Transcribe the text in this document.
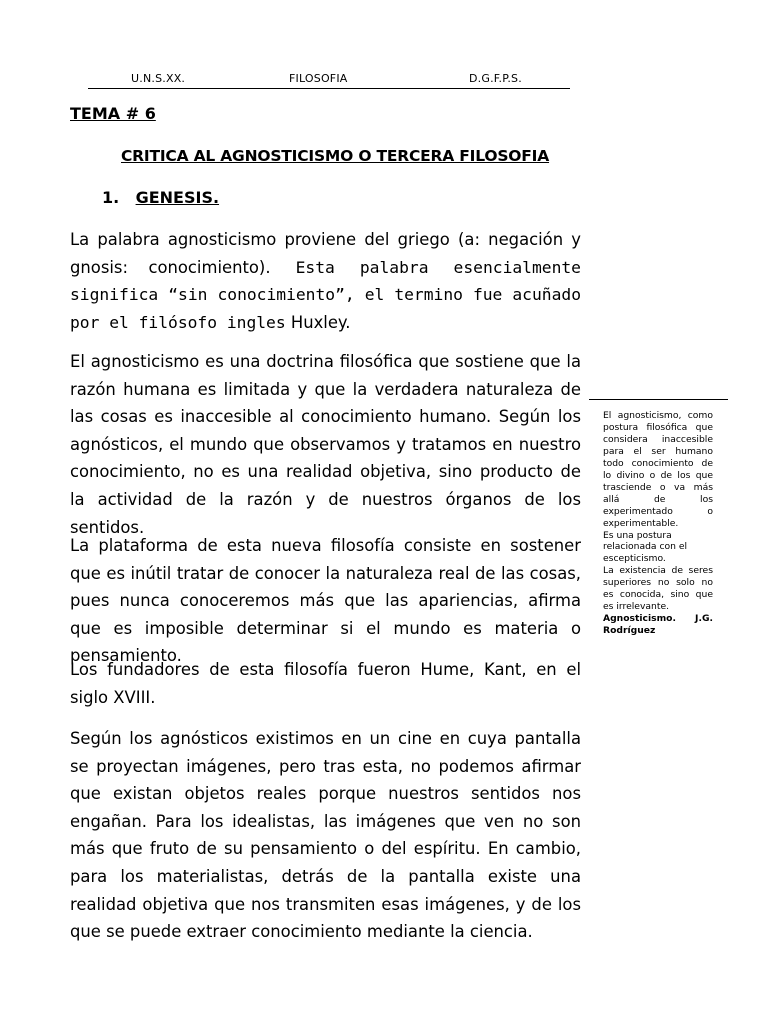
U.N.S.XX.	FILOSOFIA	D.G.F.P.S.
TEMA # 6
CRITICA AL AGNOSTICISMO O TERCERA FILOSOFIA
1. GENESIS.

La palabra agnosticismo proviene del griego (a: negación y gnosis: conocimiento). Esta palabra esencialmente significa “sin conocimiento”, el termino fue acuñado por el filósofo ingles Huxley.

El agnosticismo es una doctrina filosófica que sostiene que la razón humana es limitada y que la verdadera naturaleza de las cosas es inaccesible al conocimiento humano. Según los agnósticos, el mundo que observamos y tratamos en nuestro conocimiento, no es una realidad objetiva, sino producto de la actividad de la razón y de nuestros órganos de los sentidos.

La plataforma de esta nueva filosofía consiste en sostener que es inútil tratar de conocer la naturaleza real de las cosas, pues nunca conoceremos más que las apariencias, afirma que es imposible determinar si el mundo es materia o pensamiento.

Los fundadores de esta filosofía fueron Hume, Kant, en el siglo XVIII.

Según los agnósticos existimos en un cine en cuya pantalla se proyectan imágenes, pero tras esta, no podemos afirmar que existan objetos reales porque nuestros sentidos nos engañan. Para los idealistas, las imágenes que ven no son más que fruto de su pensamiento o del espíritu. En cambio, para los materialistas, detrás de la pantalla existe una realidad objetiva que nos transmiten esas imágenes, y de los que se puede extraer conocimiento mediante la ciencia.

El agnosticismo, como postura filosófica que considera inaccesible para el ser humano todo conocimiento de lo divino o de los que trasciende o va más allá de los experimentado o experimentable.

Es una postura relacionada con el escepticismo.

La existencia de seres superiores no solo no es conocida, sino que es irrelevante.

Agnosticismo. J.G.

Rodríguez
